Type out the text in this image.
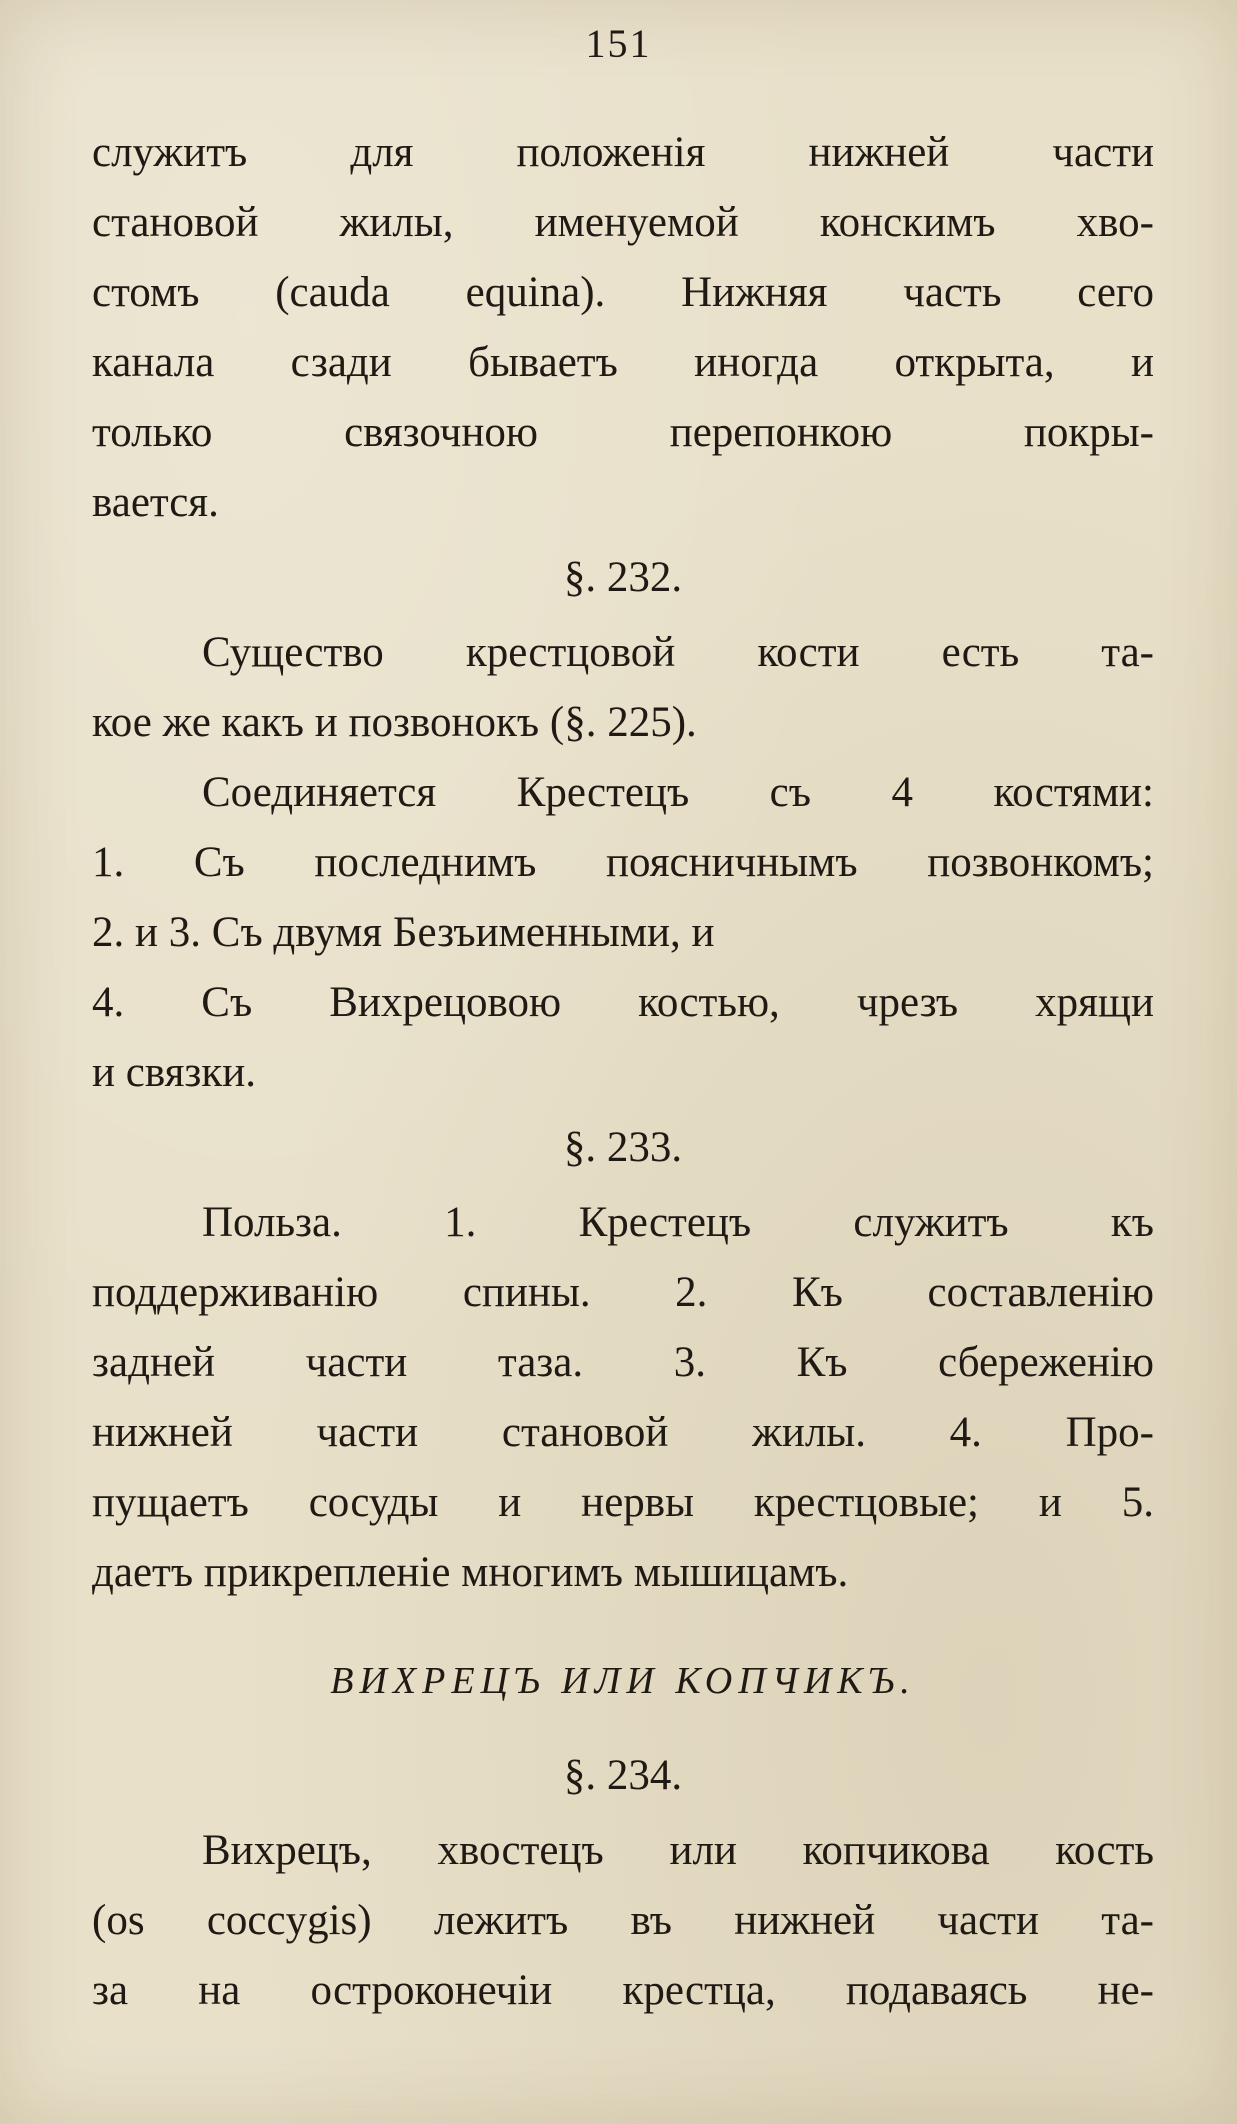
151
служитъ для положенія нижней части
становой жилы, именуемой конскимъ хво-
стомъ (cauda equina). Нижняя часть сего
канала сзади бываетъ иногда открыта, и
только связочною перепонкою покры-
вается.
§. 232.
Существо крестцовой кости есть та-
кое же какъ и позвонокъ (§. 225).
Соединяется Крестецъ съ 4 костями:
1. Съ последнимъ поясничнымъ позвонкомъ;
2. и 3. Съ двумя Безъименными, и
4. Съ Вихрецовою костью, чрезъ хрящи
и связки.
§. 233.
Польза. 1. Крестецъ служитъ къ
поддерживанію спины. 2. Къ составленію
задней части таза. 3. Къ сбереженію
нижней части становой жилы. 4. Про-
пущаетъ сосуды и нервы крестцовые; и 5.
даетъ прикрепленіе многимъ мышицамъ.
ВИХРЕЦЪ ИЛИ КОПЧИКЪ.
§. 234.
Вихрецъ, хвостецъ или копчикова кость
(os coccygis) лежитъ въ нижней части та-
за на остроконечіи крестца, подаваясь не-
